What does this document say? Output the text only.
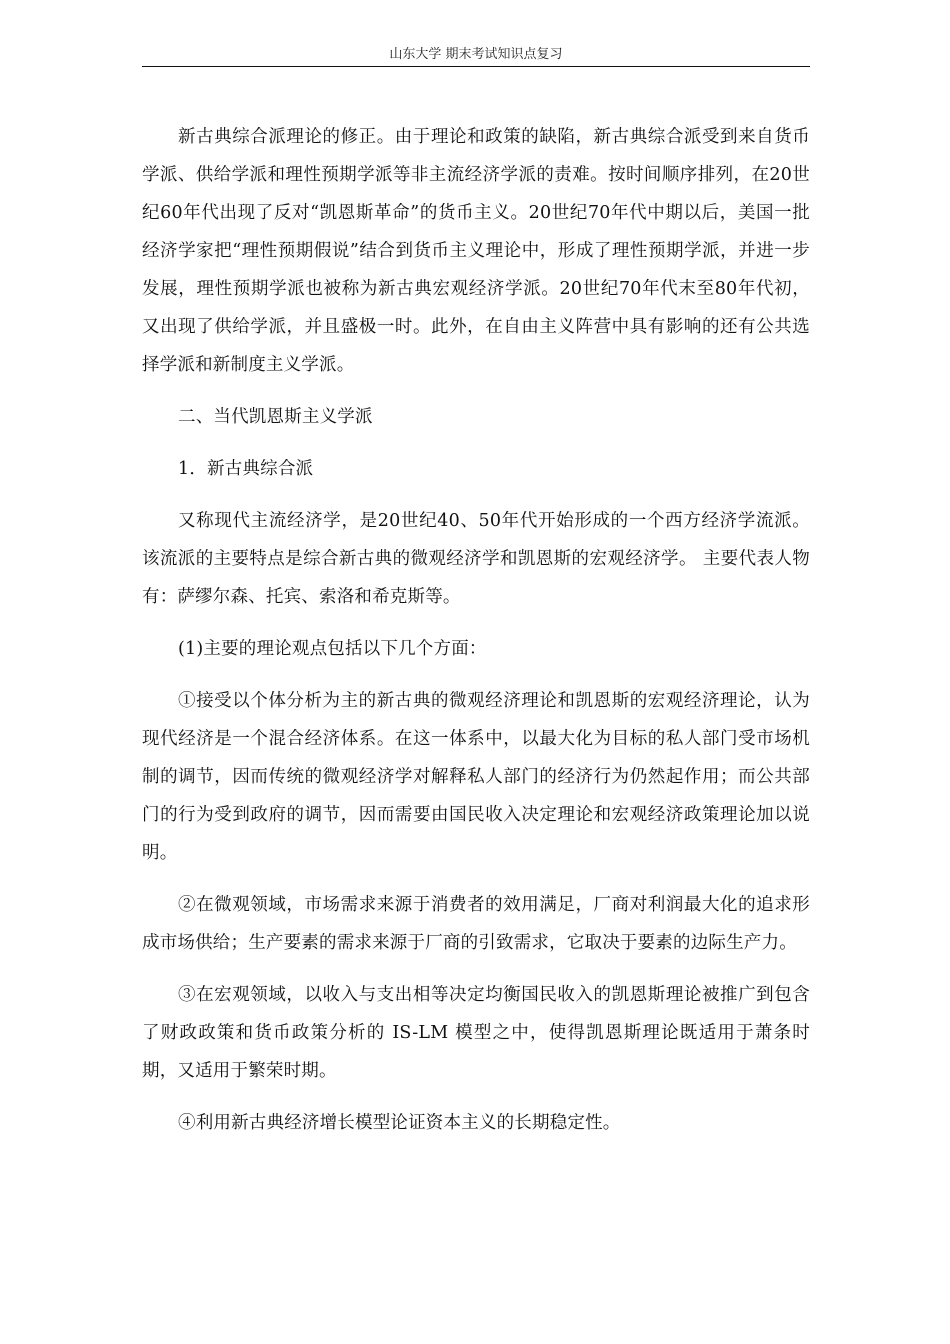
山东大学 期末考试知识点复习

新古典综合派理论的修正。由于理论和政策的缺陷，新古典综合派受到来自货币学派、供给学派和理性预期学派等非主流经济学派的责难。按时间顺序排列，在20世纪60年代出现了反对“凯恩斯革命”的货币主义。20世纪70年代中期以后，美国一批经济学家把“理性预期假说”结合到货币主义理论中，形成了理性预期学派，并进一步发展，理性预期学派也被称为新古典宏观经济学派。20世纪70年代末至80年代初，又出现了供给学派，并且盛极一时。此外，在自由主义阵营中具有影响的还有公共选择学派和新制度主义学派。

二、当代凯恩斯主义学派

1．新古典综合派

又称现代主流经济学，是20世纪40、50年代开始形成的一个西方经济学流派。该流派的主要特点是综合新古典的微观经济学和凯恩斯的宏观经济学。 主要代表人物有：萨缪尔森、托宾、索洛和希克斯等。

(1)主要的理论观点包括以下几个方面：

①接受以个体分析为主的新古典的微观经济理论和凯恩斯的宏观经济理论，认为现代经济是一个混合经济体系。在这一体系中，以最大化为目标的私人部门受市场机制的调节，因而传统的微观经济学对解释私人部门的经济行为仍然起作用；而公共部门的行为受到政府的调节，因而需要由国民收入决定理论和宏观经济政策理论加以说明。

②在微观领域，市场需求来源于消费者的效用满足，厂商对利润最大化的追求形成市场供给；生产要素的需求来源于厂商的引致需求，它取决于要素的边际生产力。

③在宏观领域，以收入与支出相等决定均衡国民收入的凯恩斯理论被推广到包含了财政政策和货币政策分析的 IS-LM 模型之中，使得凯恩斯理论既适用于萧条时期，又适用于繁荣时期。

④利用新古典经济增长模型论证资本主义的长期稳定性。
